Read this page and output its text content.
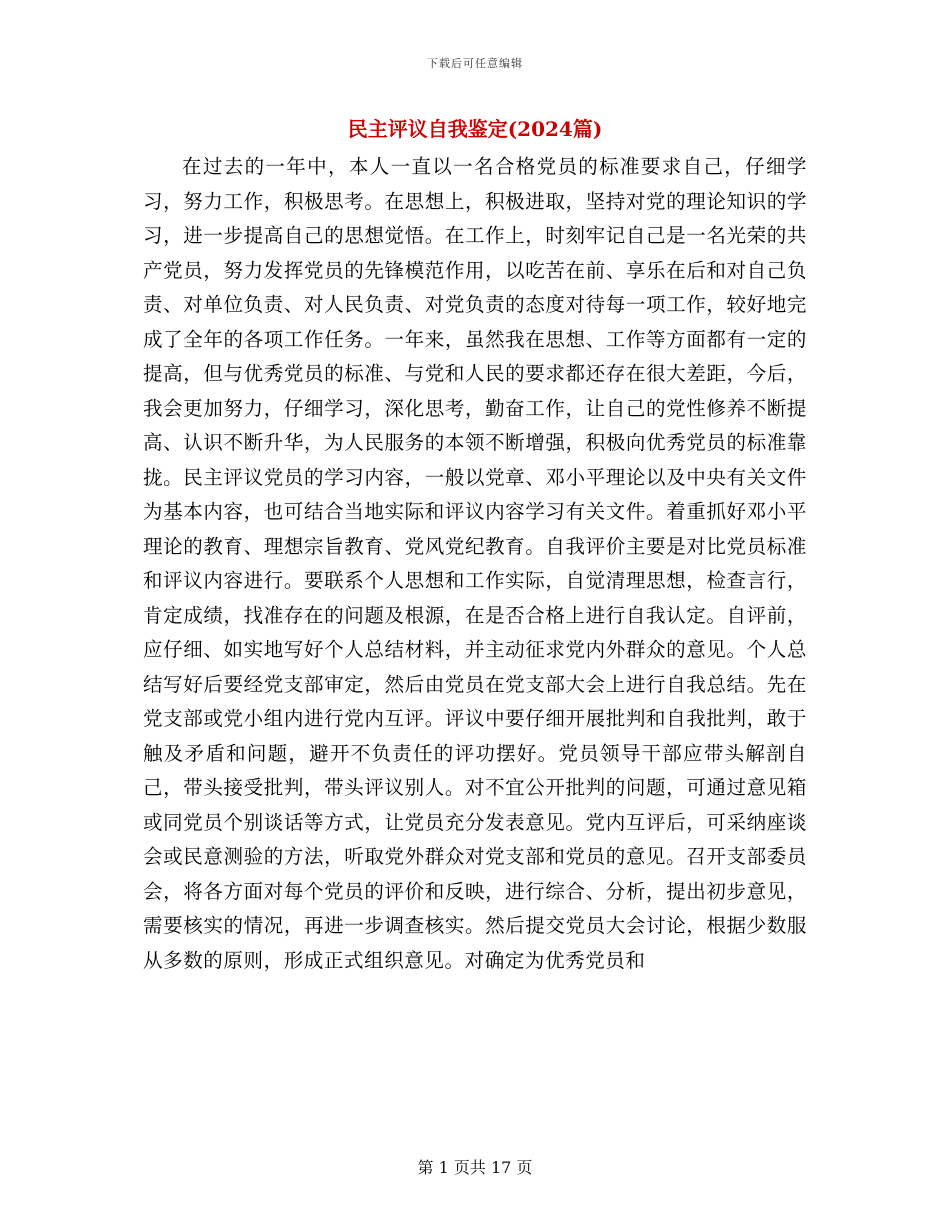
下载后可任意编辑
民主评议自我鉴定(2024篇)

在过去的一年中，本人一直以一名合格党员的标准要求自己，仔细学习，努力工作，积极思考。在思想上，积极进取，坚持对党的理论知识的学习，进一步提高自己的思想觉悟。在工作上，时刻牢记自己是一名光荣的共产党员，努力发挥党员的先锋模范作用，以吃苦在前、享乐在后和对自己负责、对单位负责、对人民负责、对党负责的态度对待每一项工作，较好地完成了全年的各项工作任务。一年来，虽然我在思想、工作等方面都有一定的提高，但与优秀党员的标准、与党和人民的要求都还存在很大差距，今后，我会更加努力，仔细学习，深化思考，勤奋工作，让自己的党性修养不断提高、认识不断升华，为人民服务的本领不断增强，积极向优秀党员的标准靠拢。民主评议党员的学习内容，一般以党章、邓小平理论以及中央有关文件为基本内容，也可结合当地实际和评议内容学习有关文件。着重抓好邓小平理论的教育、理想宗旨教育、党风党纪教育。自我评价主要是对比党员标准和评议内容进行。要联系个人思想和工作实际，自觉清理思想，检查言行，肯定成绩，找准存在的问题及根源，在是否合格上进行自我认定。自评前，应仔细、如实地写好个人总结材料，并主动征求党内外群众的意见。个人总结写好后要经党支部审定，然后由党员在党支部大会上进行自我总结。先在党支部或党小组内进行党内互评。评议中要仔细开展批判和自我批判，敢于触及矛盾和问题，避开不负责任的评功摆好。党员领导干部应带头解剖自己，带头接受批判，带头评议别人。对不宜公开批判的问题，可通过意见箱或同党员个别谈话等方式，让党员充分发表意见。党内互评后，可采纳座谈会或民意测验的方法，听取党外群众对党支部和党员的意见。召开支部委员会，将各方面对每个党员的评价和反映，进行综合、分析，提出初步意见，需要核实的情况，再进一步调查核实。然后提交党员大会讨论，根据少数服从多数的原则，形成正式组织意见。对确定为优秀党员和

第 1 页共 17 页
